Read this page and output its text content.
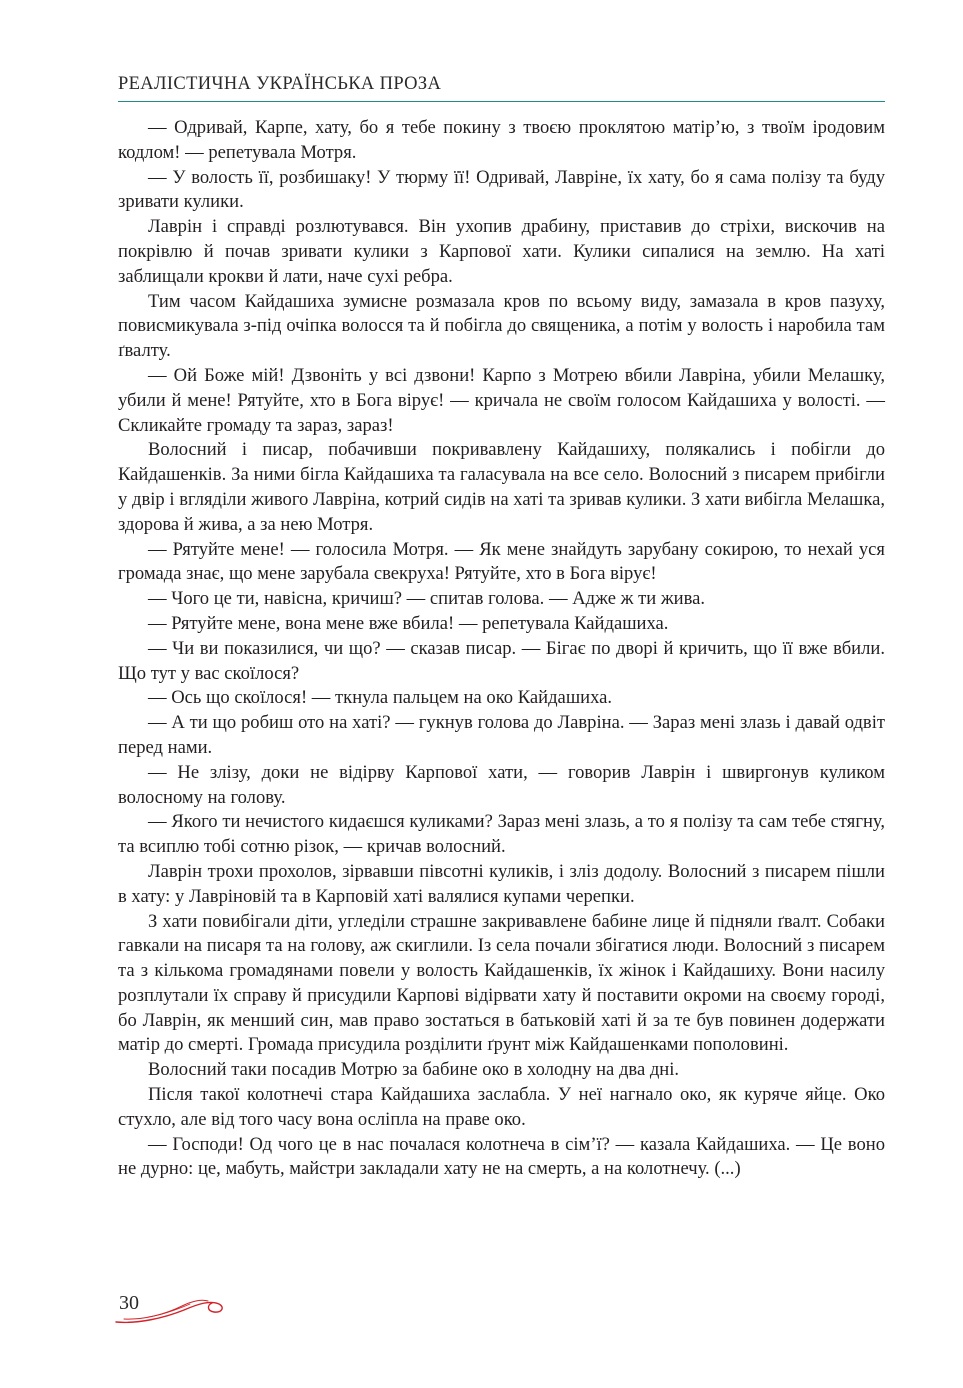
РЕАЛІСТИЧНА УКРАЇНСЬКА ПРОЗА

— Одривай, Карпе, хату, бо я тебе покину з твоєю проклятою матір’ю, з твоїм іродовим кодлом! — репетувала Мотря.

— У волость її, розбишаку! У тюрму її! Одривай, Лавріне, їх хату, бо я сама полізу та буду зривати кулики.

Лаврін і справді розлютувався. Він ухопив драбину, приставив до стріхи, вискочив на покрівлю й почав зривати кулики з Карпової хати. Кулики сипалися на землю. На хаті заблищали крокви й лати, наче сухі ребра.

Тим часом Кайдашиха зумисне розмазала кров по всьому виду, замазала в кров пазуху, повисмикувала з-під очіпка волосся та й побігла до священика, а потім у волость і наробила там ґвалту.

— Ой Боже мій! Дзвоніть у всі дзвони! Карпо з Мотрею вбили Лавріна, убили Мелашку, убили й мене! Рятуйте, хто в Бога вірує! — кричала не своїм голосом Кайдашиха у волості. — Скликайте громаду та зараз, зараз!

Волосний і писар, побачивши покривавлену Кайдашиху, полякались і побігли до Кайдашенків. За ними бігла Кайдашиха та галасувала на все село. Волосний з писарем прибігли у двір і вгляділи живого Лавріна, котрий сидів на хаті та зривав кулики. З хати вибігла Мелашка, здорова й жива, а за нею Мотря.

— Рятуйте мене! — голосила Мотря. — Як мене знайдуть зарубану сокирою, то нехай уся громада знає, що мене зарубала свекруха! Рятуйте, хто в Бога вірує!

— Чого це ти, навісна, кричиш? — спитав голова. — Адже ж ти жива.

— Рятуйте мене, вона мене вже вбила! — репетувала Кайдашиха.

— Чи ви показилися, чи що? — сказав писар. — Бігає по дворі й кричить, що її вже вбили. Що тут у вас скоїлося?

— Ось що скоїлося! — ткнула пальцем на око Кайдашиха.

— А ти що робиш ото на хаті? — гукнув голова до Лавріна. — Зараз мені злазь і давай одвіт перед нами.

— Не злізу, доки не відірву Карпової хати, — говорив Лаврін і швиргонув куликом волосному на голову.

— Якого ти нечистого кидаєшся куликами? Зараз мені злазь, а то я полізу та сам тебе стягну, та всиплю тобі сотню різок, — кричав волосний.

Лаврін трохи прохолов, зірвавши півсотні куликів, і зліз додолу. Волосний з писарем пішли в хату: у Лавріновій та в Карповій хаті валялися купами черепки.

З хати повибігали діти, угледіли страшне закривавлене бабине лице й підняли ґвалт. Собаки гавкали на писаря та на голову, аж скиглили. Із села почали збігатися люди. Волосний з писарем та з кількома громадянами повели у волость Кайдашенків, їх жінок і Кайдашиху. Вони насилу розплутали їх справу й присудили Карпові відірвати хату й поставити окроми на своєму городі, бо Лаврін, як менший син, мав право зостаться в батьковій хаті й за те був повинен додержати матір до смерті. Громада присудила розділити ґрунт між Кайдашенками пополовині.

Волосний таки посадив Мотрю за бабине око в холодну на два дні.

Після такої колотнечі стара Кайдашиха заслабла. У неї нагнало око, як куряче яйце. Око стухло, але від того часу вона осліпла на праве око.

— Господи! Од чого це в нас почалася колотнеча в сім’ї? — казала Кайдашиха. — Це воно не дурно: це, мабуть, майстри закладали хату не на смерть, а на колотнечу. (...)

30
